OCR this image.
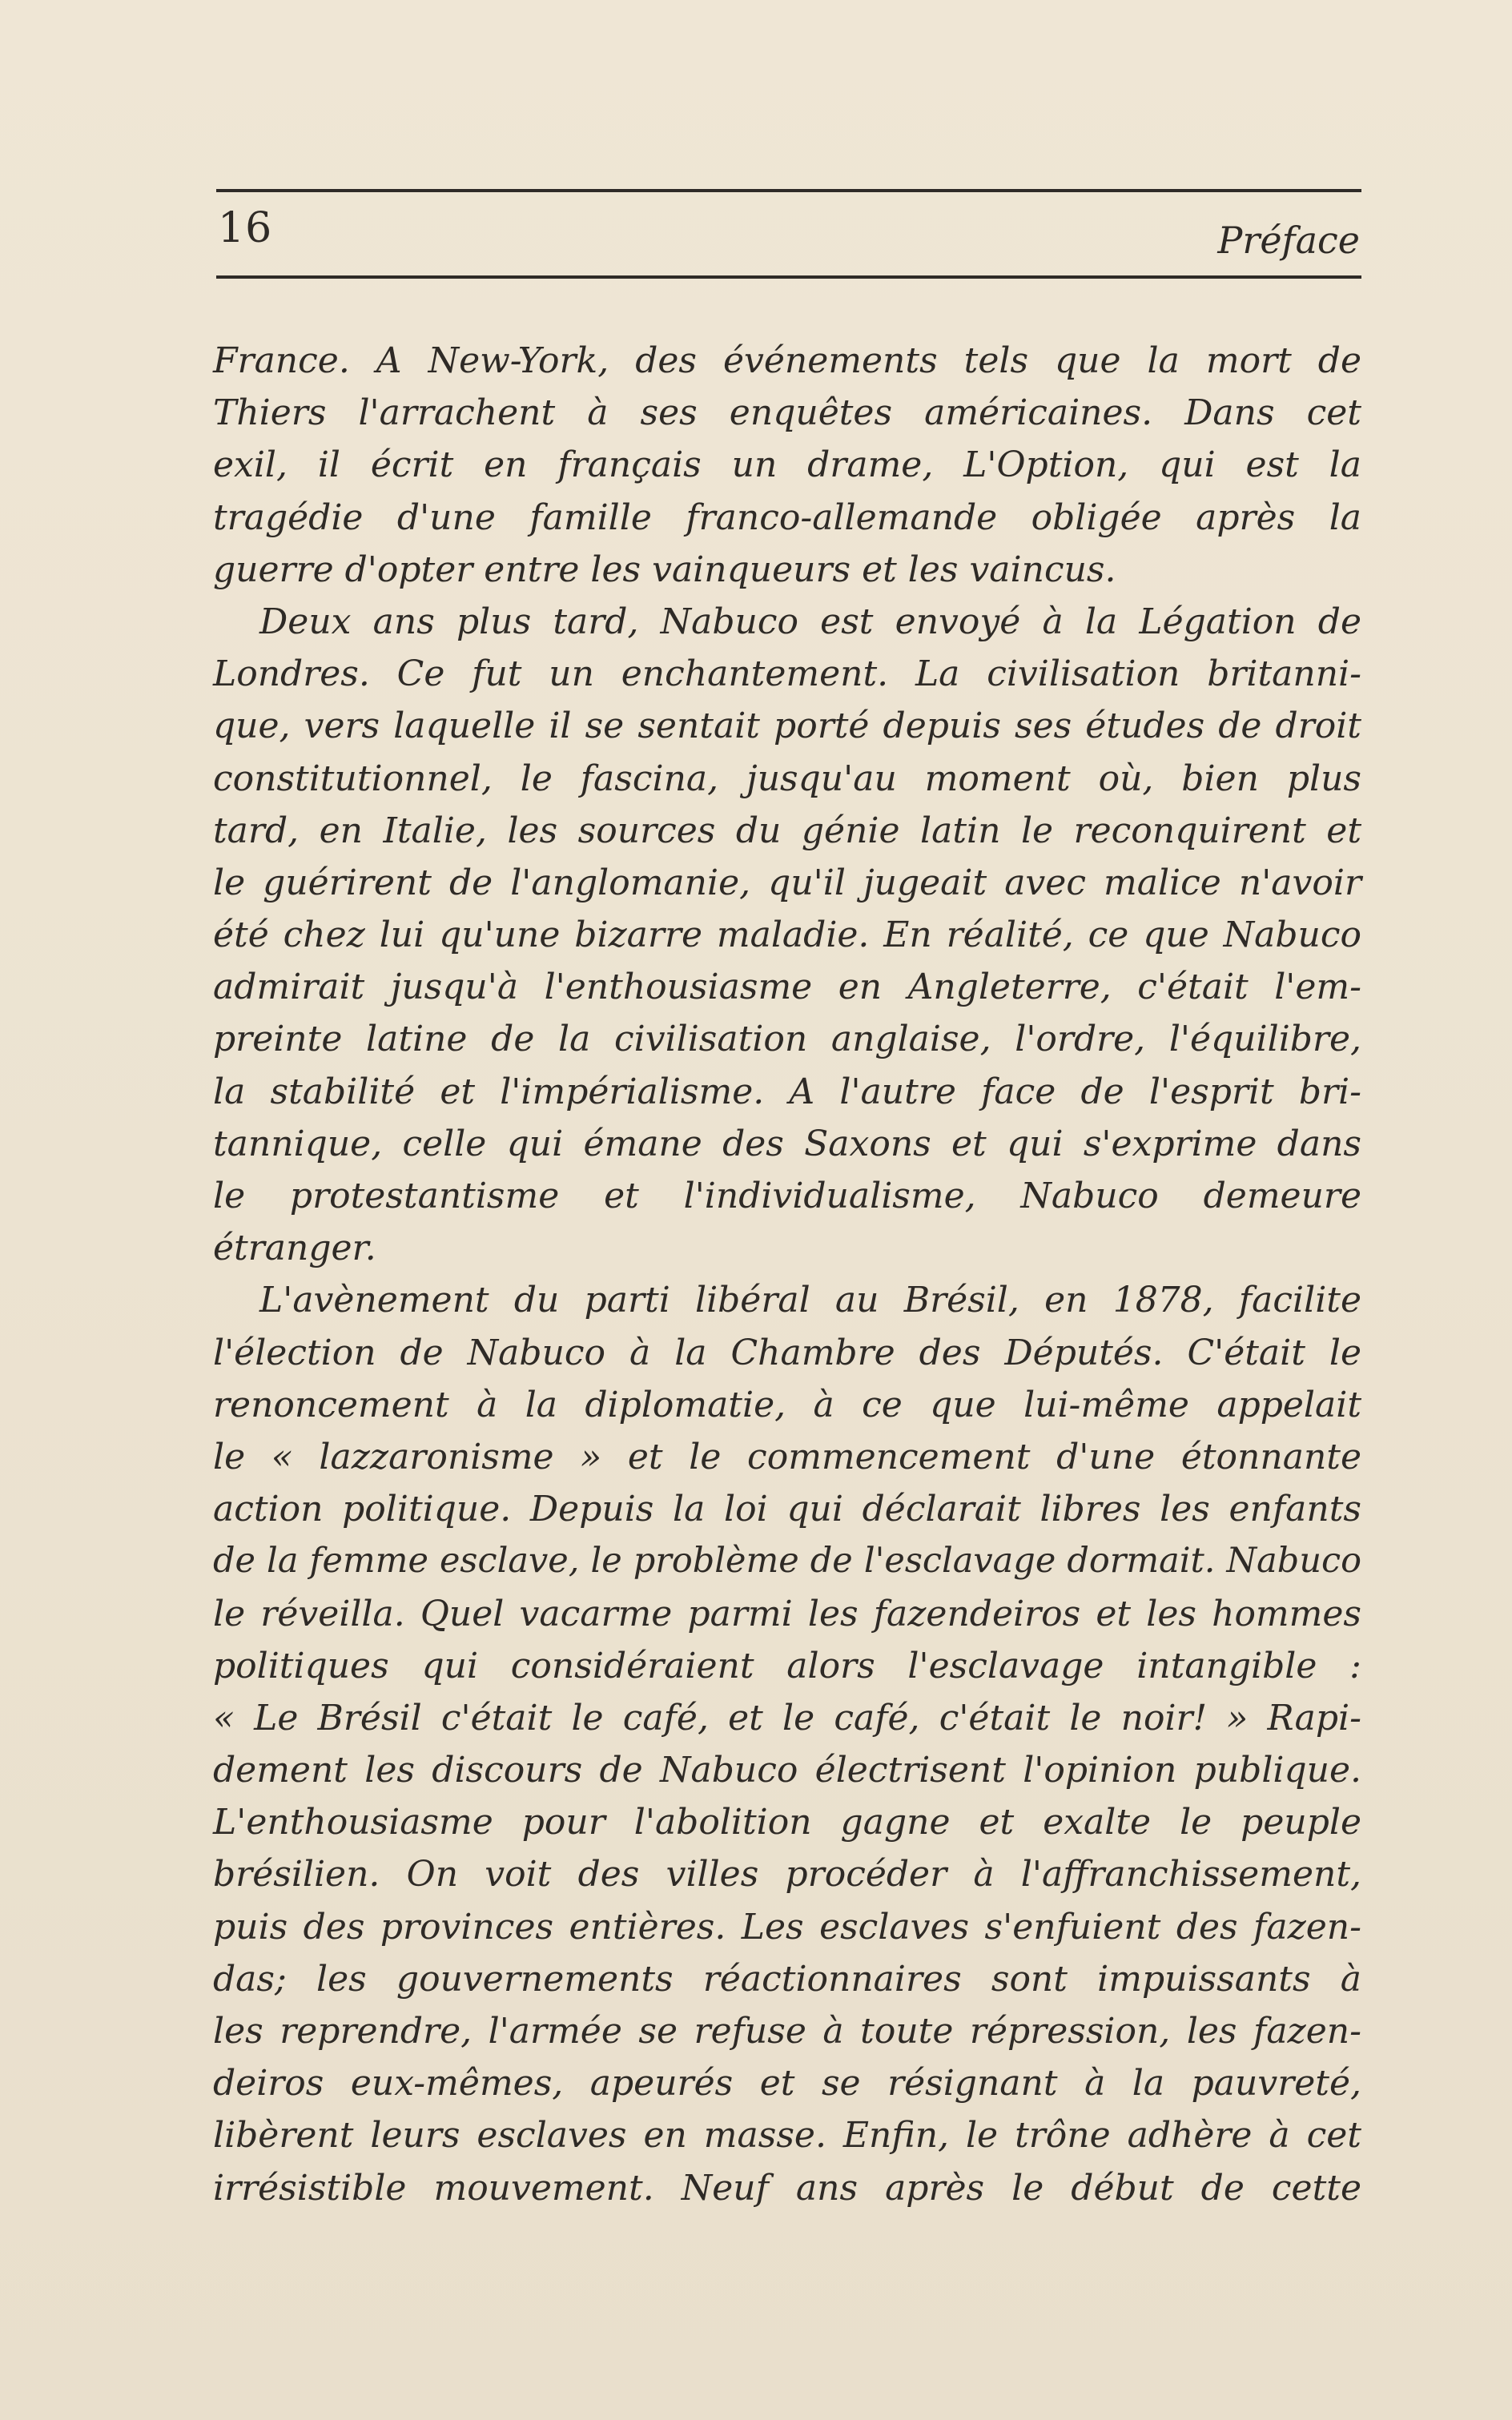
16	Préface
France. A New-York, des événements tels que la mort de
Thiers l'arrachent à ses enquêtes américaines. Dans cet
exil, il écrit en français un drame, L'Option, qui est la
tragédie d'une famille franco-allemande obligée après la
guerre d'opter entre les vainqueurs et les vaincus.
Deux ans plus tard, Nabuco est envoyé à la Légation de
Londres. Ce fut un enchantement. La civilisation britanni-
que, vers laquelle il se sentait porté depuis ses études de droit
constitutionnel, le fascina, jusqu'au moment où, bien plus
tard, en Italie, les sources du génie latin le reconquirent et
le guérirent de l'anglomanie, qu'il jugeait avec malice n'avoir
été chez lui qu'une bizarre maladie. En réalité, ce que Nabuco
admirait jusqu'à l'enthousiasme en Angleterre, c'était l'em-
preinte latine de la civilisation anglaise, l'ordre, l'équilibre,
la stabilité et l'impérialisme. A l'autre face de l'esprit bri-
tannique, celle qui émane des Saxons et qui s'exprime dans
le protestantisme et l'individualisme, Nabuco demeure
étranger.
L'avènement du parti libéral au Brésil, en 1878, facilite
l'élection de Nabuco à la Chambre des Députés. C'était le
renoncement à la diplomatie, à ce que lui-même appelait
le « lazzaronisme » et le commencement d'une étonnante
action politique. Depuis la loi qui déclarait libres les enfants
de la femme esclave, le problème de l'esclavage dormait. Nabuco
le réveilla. Quel vacarme parmi les fazendeiros et les hommes
politiques qui considéraient alors l'esclavage intangible :
« Le Brésil c'était le café, et le café, c'était le noir! » Rapi-
dement les discours de Nabuco électrisent l'opinion publique.
L'enthousiasme pour l'abolition gagne et exalte le peuple
brésilien. On voit des villes procéder à l'affranchissement,
puis des provinces entières. Les esclaves s'enfuient des fazen-
das; les gouvernements réactionnaires sont impuissants à
les reprendre, l'armée se refuse à toute répression, les fazen-
deiros eux-mêmes, apeurés et se résignant à la pauvreté,
libèrent leurs esclaves en masse. Enfin, le trône adhère à cet
irrésistible mouvement. Neuf ans après le début de cette
